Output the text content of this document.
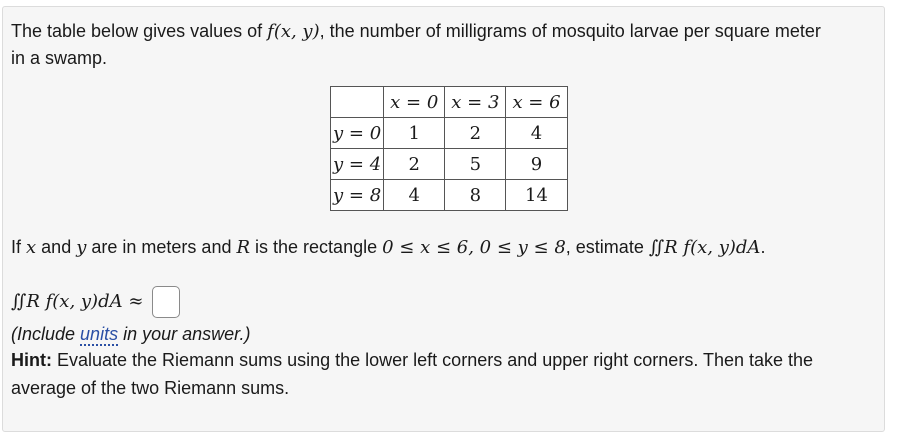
The table below gives values of f(x, y), the number of milligrams of mosquito larvae per square meter
in a swamp.
	x = 0	x = 3	x = 6
y = 0	1	2	4
y = 4	2	5	9
y = 8	4	8	14
If x and y are in meters and R is the rectangle 0 ≤ x ≤ 6, 0 ≤ y ≤ 8, estimate ∬R f(x, y)dA.
∬R f(x, y)dA ≈
(Include units in your answer.)
Hint: Evaluate the Riemann sums using the lower left corners and upper right corners. Then take the
average of the two Riemann sums.
